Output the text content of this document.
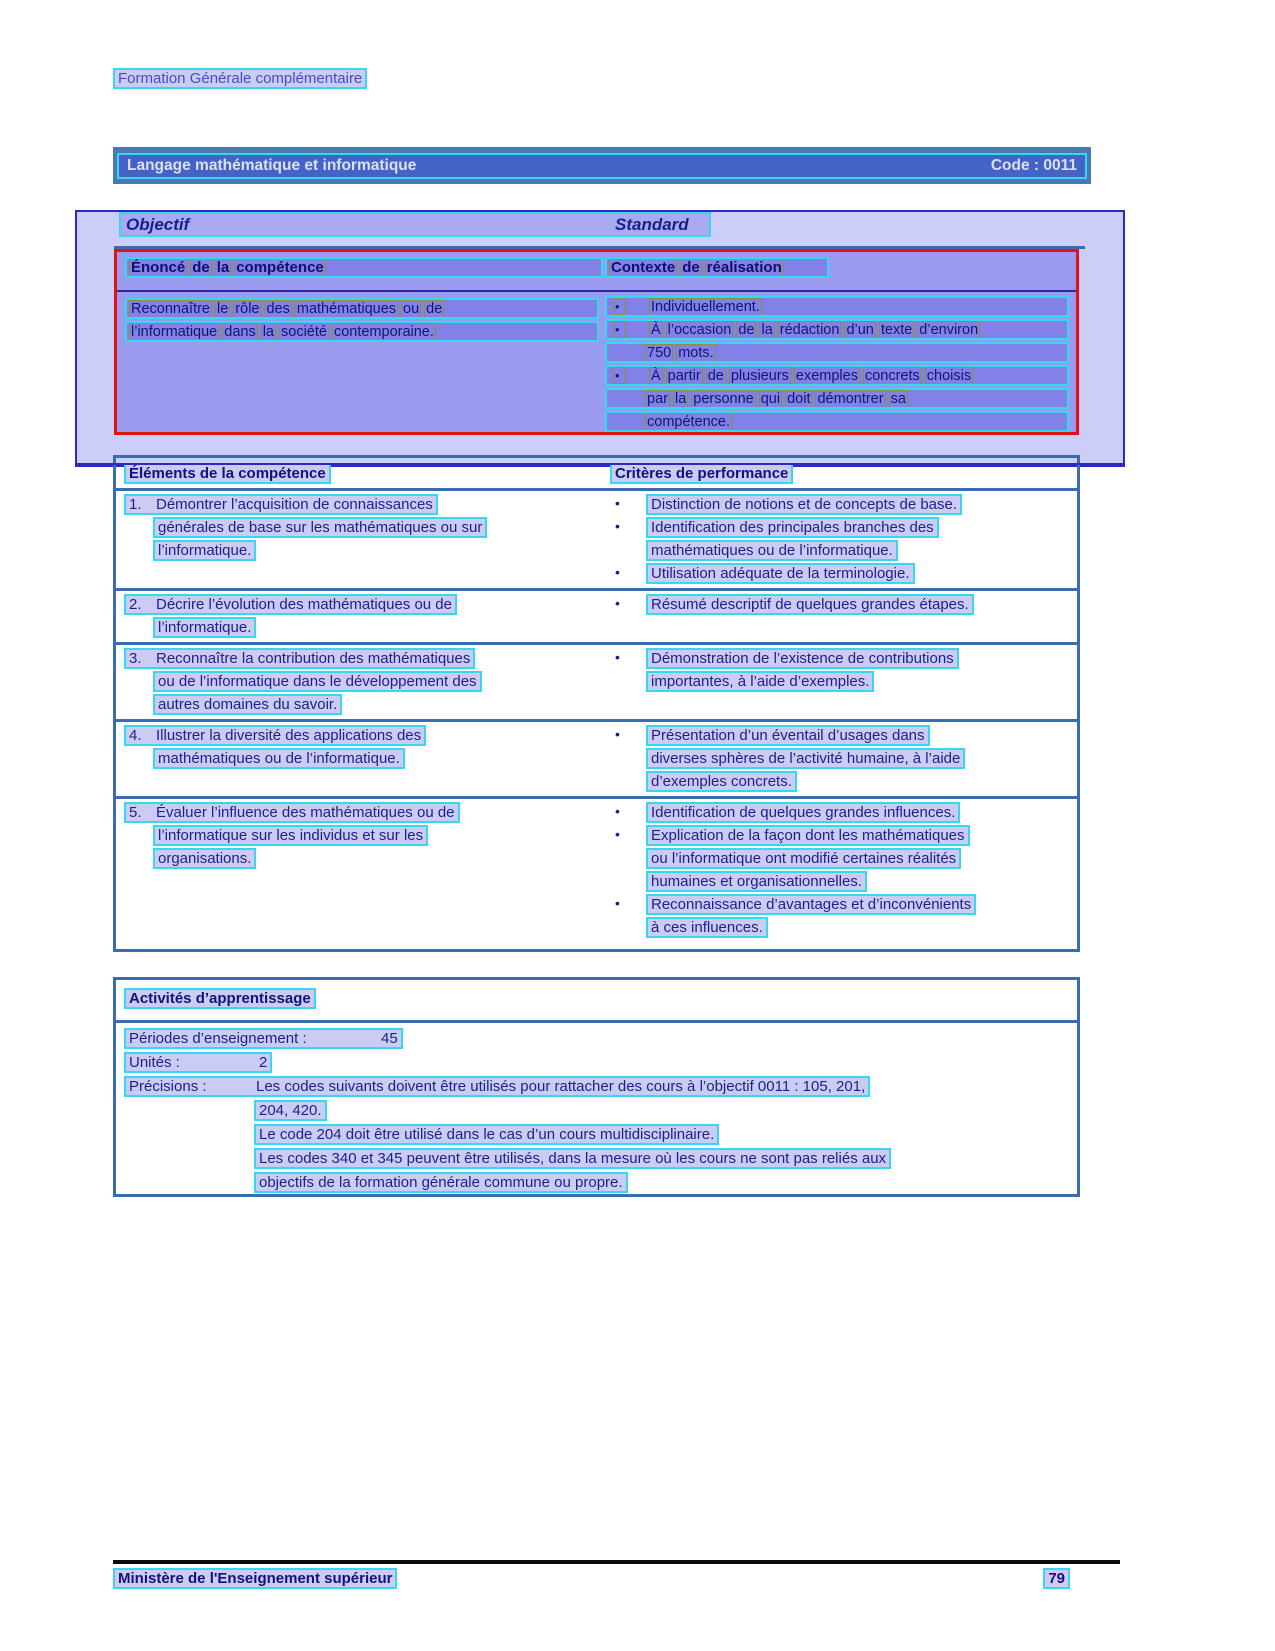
Formation Générale complémentaire
Langage mathématique et informatique	Code : 0011
Objectif	Standard
Énoncé de la compétence	Contexte de réalisation
Reconnaître le rôle des mathématiques ou de
l’informatique dans la société contemporaine.
•	Individuellement.
•	À l’occasion de la rédaction d’un texte d’environ
750 mots.
•	À partir de plusieurs exemples concrets choisis
par la personne qui doit démontrer sa
compétence.
Éléments de la compétence	Critères de performance
1. Démontrer l’acquisition de connaissances
générales de base sur les mathématiques ou sur
l’informatique.
•	Distinction de notions et de concepts de base.
•	Identification des principales branches des
mathématiques ou de l’informatique.
•	Utilisation adéquate de la terminologie.
2. Décrire l’évolution des mathématiques ou de
l’informatique.
•	Résumé descriptif de quelques grandes étapes.
3. Reconnaître la contribution des mathématiques
ou de l’informatique dans le développement des
autres domaines du savoir.
•	Démonstration de l’existence de contributions
importantes, à l’aide d’exemples.
4. Illustrer la diversité des applications des
mathématiques ou de l’informatique.
•	Présentation d’un éventail d’usages dans
diverses sphères de l’activité humaine, à l’aide
d’exemples concrets.
5. Évaluer l’influence des mathématiques ou de
l’informatique sur les individus et sur les
organisations.
•	Identification de quelques grandes influences.
•	Explication de la façon dont les mathématiques
ou l’informatique ont modifié certaines réalités
humaines et organisationnelles.
•	Reconnaissance d’avantages et d’inconvénients
à ces influences.
Activités d’apprentissage
Périodes d’enseignement :	45
Unités :	2
Précisions :	Les codes suivants doivent être utilisés pour rattacher des cours à l’objectif 0011 : 105, 201,
204, 420.
Le code 204 doit être utilisé dans le cas d’un cours multidisciplinaire.
Les codes 340 et 345 peuvent être utilisés, dans la mesure où les cours ne sont pas reliés aux
objectifs de la formation générale commune ou propre.
Ministère de l'Enseignement supérieur	79
